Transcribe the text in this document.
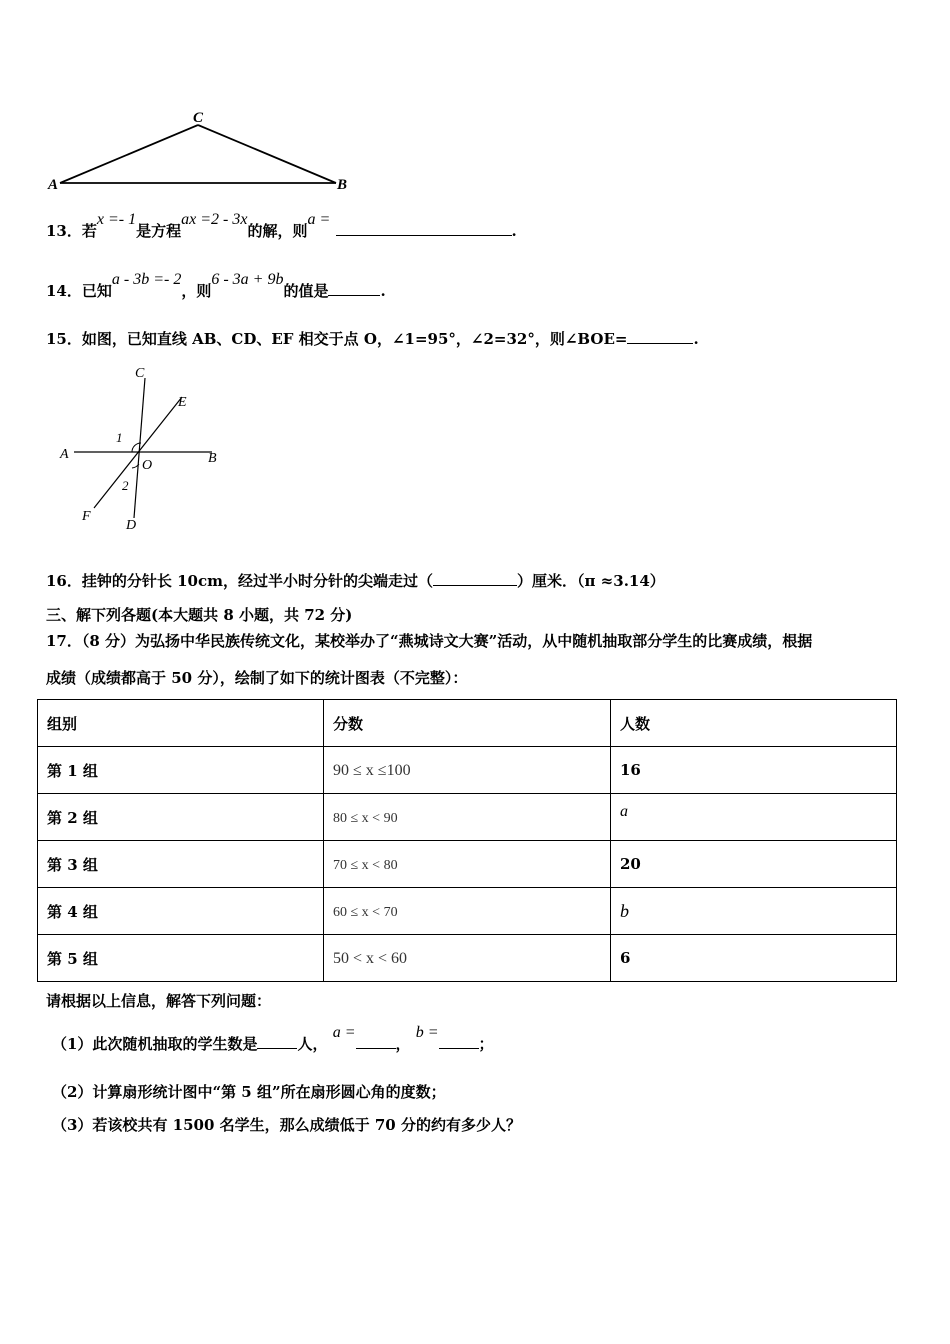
C
A	B
13．若x =- 1是方程ax =2 - 3x的解，则a = .
14．已知a - 3b =- 2，则6 - 3a + 9b的值是	.
15．如图，已知直线 AB、CD、EF 相交于点 O，∠1=95°，∠2=32°，则∠BOE=	.
C
E
1
A
O	B
2
F
D
16．挂钟的分针长 10cm，经过半小时分针的尖端走过（	）厘米．（π ≈3.14）
三、解下列各题(本大题共 8 小题，共 72 分)
17．（8 分）为弘扬中华民族传统文化，某校举办了“燕城诗文大赛”活动，从中随机抽取部分学生的比赛成绩，根据
成绩（成绩都高于 50 分），绘制了如下的统计图表（不完整）：
组别	分数	人数
第 1 组	90 ≤ x ≤100	16
第 2 组	80 ≤ x < 90	a
第 3 组	70 ≤ x < 80	20
第 4 组	60 ≤ x < 70	b
第 5 组	50 < x < 60	6
请根据以上信息，解答下列问题：
（1）此次随机抽取的学生数是	人， a =， b =；
（2）计算扇形统计图中“第 5 组”所在扇形圆心角的度数；
（3）若该校共有 1500 名学生，那么成绩低于 70 分的约有多少人？
